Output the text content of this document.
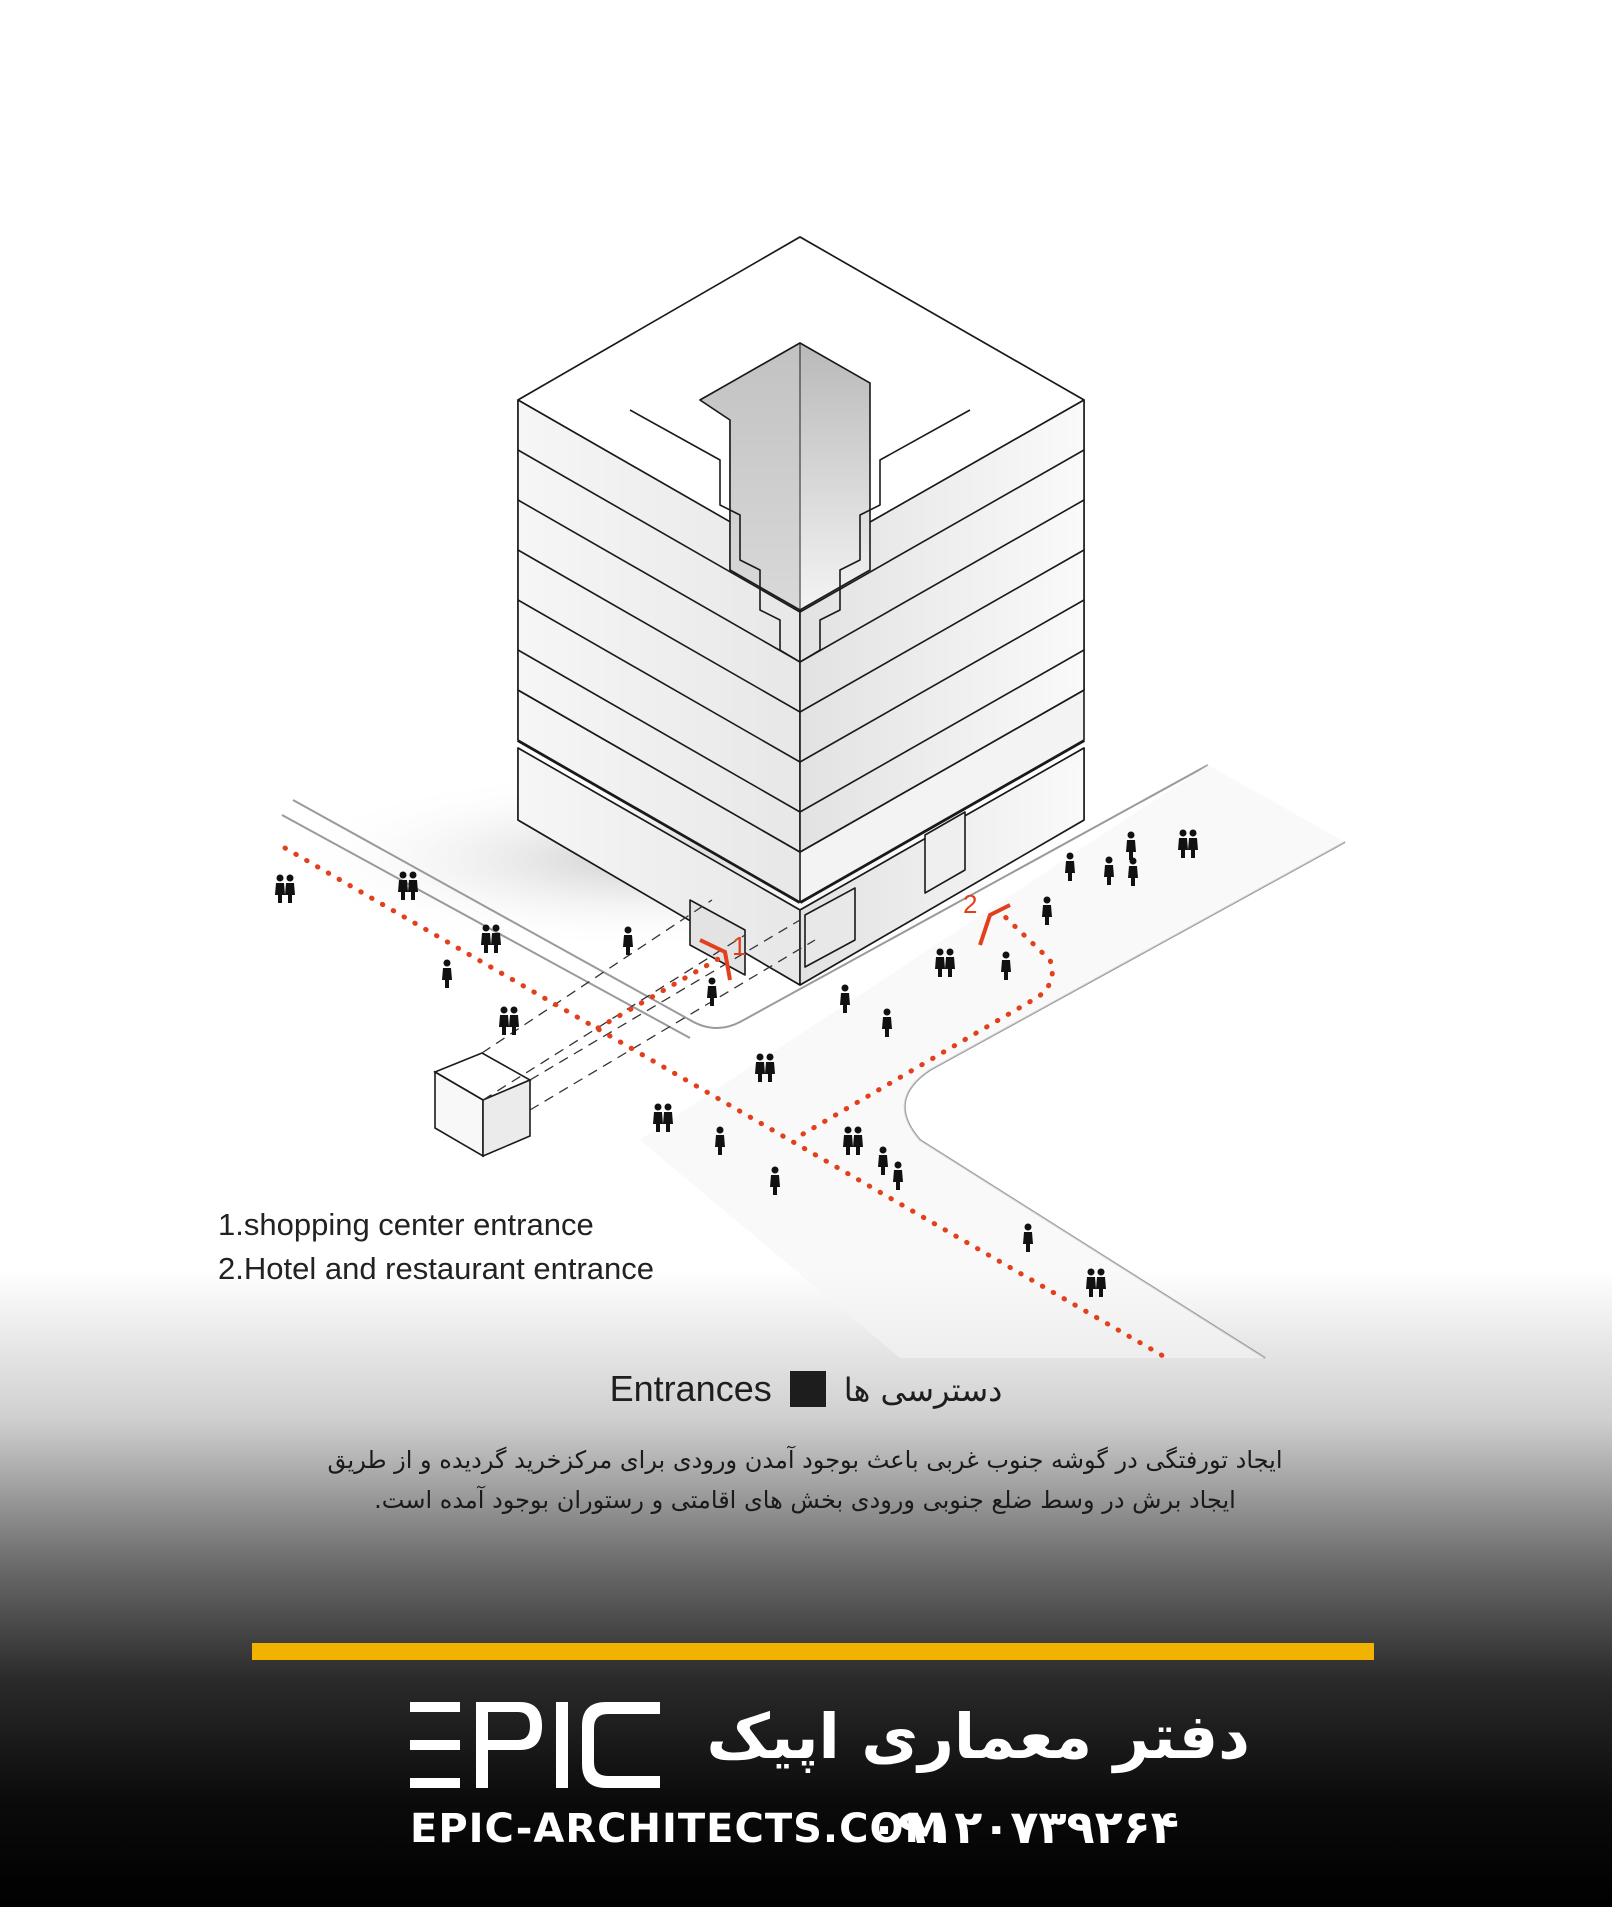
1
2
1.shopping center entrance
2.Hotel and restaurant entrance
Entrances دسترسی ها
ایجاد تورفتگی در گوشه جنوب غربی باعث بوجود آمدن ورودی برای مرکزخرید گردیده و از طریق
ایجاد برش در وسط ضلع جنوبی ورودی بخش های اقامتی و رستوران بوجود آمده است.
دفتر معماری اپیک
EPIC-ARCHITECTS.COM
۰۹۱۲۰۷۳۹۲۶۴
